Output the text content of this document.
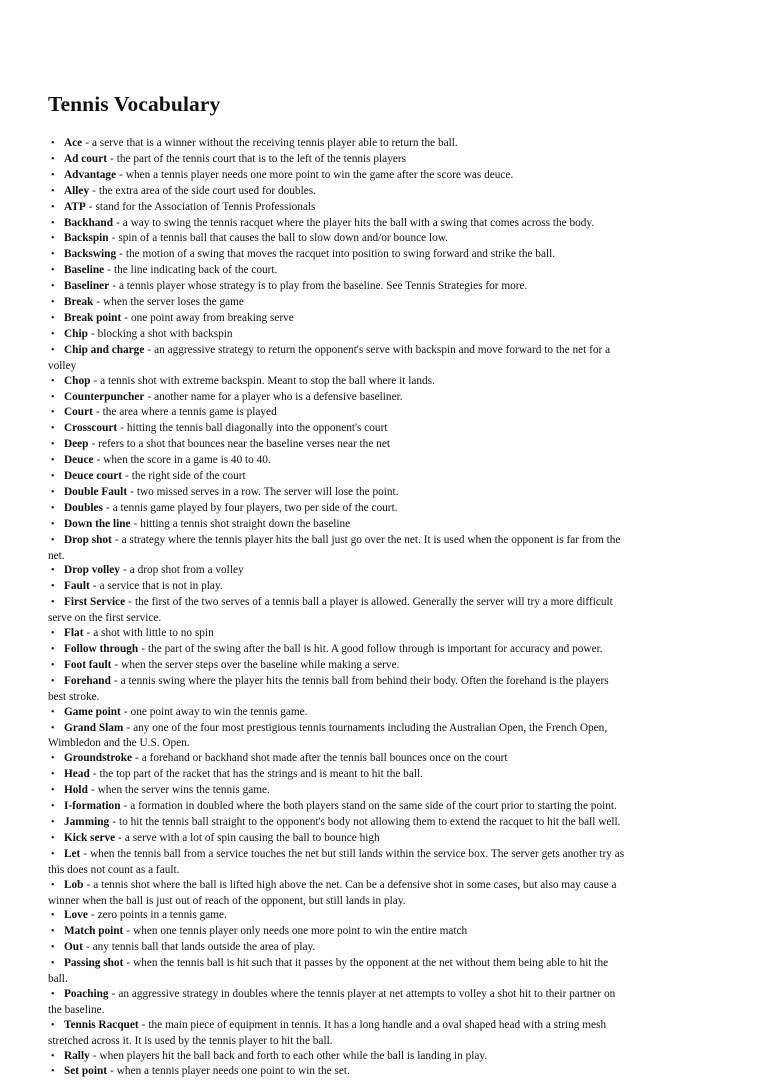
Tennis Vocabulary
• Ace - a serve that is a winner without the receiving tennis player able to return the ball.
• Ad court - the part of the tennis court that is to the left of the tennis players
• Advantage - when a tennis player needs one more point to win the game after the score was deuce.
• Alley - the extra area of the side court used for doubles.
• ATP - stand for the Association of Tennis Professionals
• Backhand - a way to swing the tennis racquet where the player hits the ball with a swing that comes across the body.
• Backspin - spin of a tennis ball that causes the ball to slow down and/or bounce low.
• Backswing - the motion of a swing that moves the racquet into position to swing forward and strike the ball.
• Baseline - the line indicating back of the court.
• Baseliner - a tennis player whose strategy is to play from the baseline. See Tennis Strategies for more.
• Break - when the server loses the game
• Break point - one point away from breaking serve
• Chip - blocking a shot with backspin
• Chip and charge - an aggressive strategy to return the opponent's serve with backspin and move forward to the net for a
volley
• Chop - a tennis shot with extreme backspin. Meant to stop the ball where it lands.
• Counterpuncher - another name for a player who is a defensive baseliner.
• Court - the area where a tennis game is played
• Crosscourt - hitting the tennis ball diagonally into the opponent's court
• Deep - refers to a shot that bounces near the baseline verses near the net
• Deuce - when the score in a game is 40 to 40.
• Deuce court - the right side of the court
• Double Fault - two missed serves in a row. The server will lose the point.
• Doubles - a tennis game played by four players, two per side of the court.
• Down the line - hitting a tennis shot straight down the baseline
• Drop shot - a strategy where the tennis player hits the ball just go over the net. It is used when the opponent is far from the
net.
• Drop volley - a drop shot from a volley
• Fault - a service that is not in play.
• First Service - the first of the two serves of a tennis ball a player is allowed. Generally the server will try a more difficult
serve on the first service.
• Flat - a shot with little to no spin
• Follow through - the part of the swing after the ball is hit. A good follow through is important for accuracy and power.
• Foot fault - when the server steps over the baseline while making a serve.
• Forehand - a tennis swing where the player hits the tennis ball from behind their body. Often the forehand is the players
best stroke.
• Game point - one point away to win the tennis game.
• Grand Slam - any one of the four most prestigious tennis tournaments including the Australian Open, the French Open,
Wimbledon and the U.S. Open.
• Groundstroke - a forehand or backhand shot made after the tennis ball bounces once on the court
• Head - the top part of the racket that has the strings and is meant to hit the ball.
• Hold - when the server wins the tennis game.
• I-formation - a formation in doubled where the both players stand on the same side of the court prior to starting the point.
• Jamming - to hit the tennis ball straight to the opponent's body not allowing them to extend the racquet to hit the ball well.
• Kick serve - a serve with a lot of spin causing the ball to bounce high
• Let - when the tennis ball from a service touches the net but still lands within the service box. The server gets another try as
this does not count as a fault.
• Lob - a tennis shot where the ball is lifted high above the net. Can be a defensive shot in some cases, but also may cause a
winner when the ball is just out of reach of the opponent, but still lands in play.
• Love - zero points in a tennis game.
• Match point - when one tennis player only needs one more point to win the entire match
• Out - any tennis ball that lands outside the area of play.
• Passing shot - when the tennis ball is hit such that it passes by the opponent at the net without them being able to hit the
ball.
• Poaching - an aggressive strategy in doubles where the tennis player at net attempts to volley a shot hit to their partner on
the baseline.
• Tennis Racquet - the main piece of equipment in tennis. It has a long handle and a oval shaped head with a string mesh
stretched across it. It is used by the tennis player to hit the ball.
• Rally - when players hit the ball back and forth to each other while the ball is landing in play.
• Set point - when a tennis player needs one point to win the set.
